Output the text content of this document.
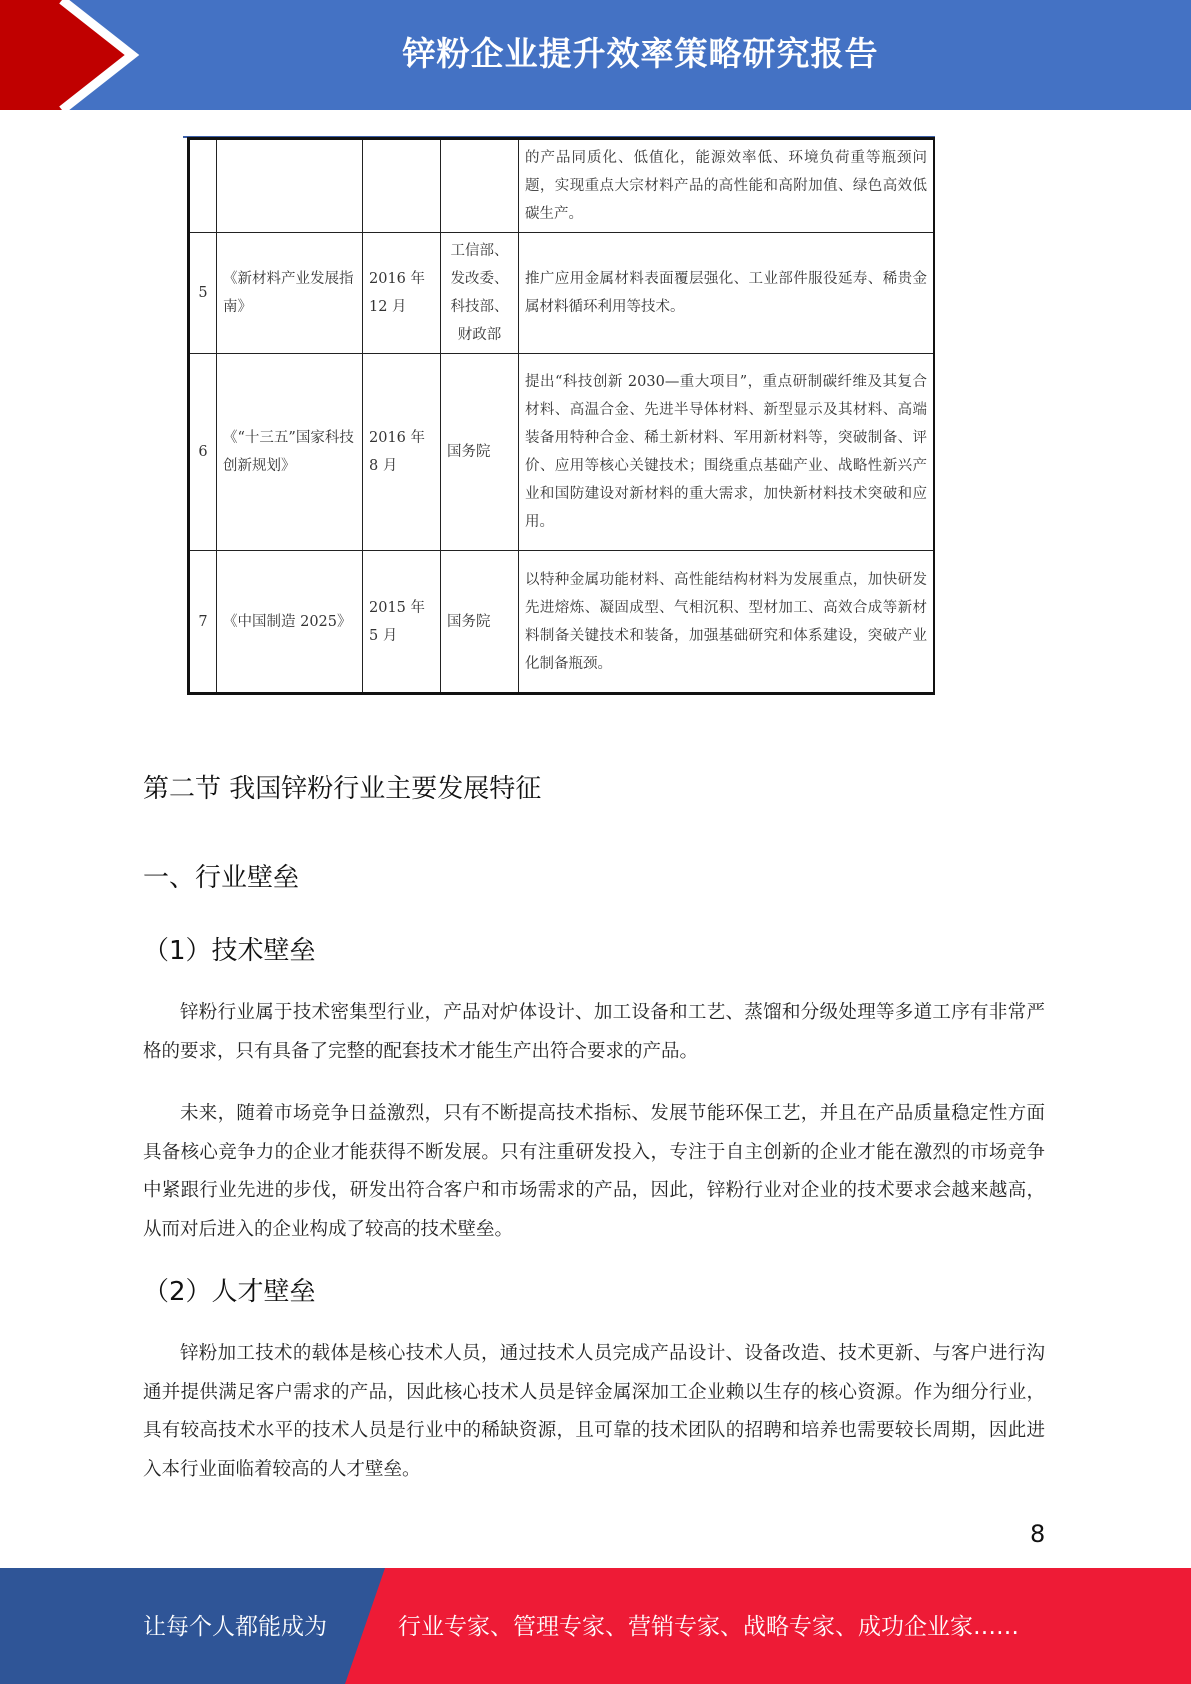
锌粉企业提升效率策略研究报告
				的产品同质化、低值化，能源效率低、环境负荷重等瓶颈问题，实现重点大宗材料产品的高性能和高附加值、绿色高效低碳生产。
5	《新材料产业发展指南》	2016 年 12 月	工信部、发改委、科技部、财政部	推广应用金属材料表面覆层强化、工业部件服役延寿、稀贵金属材料循环利用等技术。
6	《“十三五”国家科技创新规划》	2016 年 8 月	国务院	提出“科技创新 2030—重大项目”，重点研制碳纤维及其复合材料、高温合金、先进半导体材料、新型显示及其材料、高端装备用特种合金、稀土新材料、军用新材料等，突破制备、评价、应用等核心关键技术；围绕重点基础产业、战略性新兴产业和国防建设对新材料的重大需求，加快新材料技术突破和应用。
7	《中国制造 2025》	2015 年 5 月	国务院	以特种金属功能材料、高性能结构材料为发展重点，加快研发先进熔炼、凝固成型、气相沉积、型材加工、高效合成等新材料制备关键技术和装备，加强基础研究和体系建设，突破产业化制备瓶颈。
第二节 我国锌粉行业主要发展特征
一、行业壁垒
（1）技术壁垒

锌粉行业属于技术密集型行业，产品对炉体设计、加工设备和工艺、蒸馏和分级处理等多道工序有非常严格的要求，只有具备了完整的配套技术才能生产出符合要求的产品。

未来，随着市场竞争日益激烈，只有不断提高技术指标、发展节能环保工艺，并且在产品质量稳定性方面具备核心竞争力的企业才能获得不断发展。只有注重研发投入，专注于自主创新的企业才能在激烈的市场竞争中紧跟行业先进的步伐，研发出符合客户和市场需求的产品，因此，锌粉行业对企业的技术要求会越来越高，从而对后进入的企业构成了较高的技术壁垒。

（2）人才壁垒

锌粉加工技术的载体是核心技术人员，通过技术人员完成产品设计、设备改造、技术更新、与客户进行沟通并提供满足客户需求的产品，因此核心技术人员是锌金属深加工企业赖以生存的核心资源。作为细分行业，具有较高技术水平的技术人员是行业中的稀缺资源，且可靠的技术团队的招聘和培养也需要较长周期，因此进入本行业面临着较高的人才壁垒。

8
让每个人都能成为	行业专家、管理专家、营销专家、战略专家、成功企业家……
